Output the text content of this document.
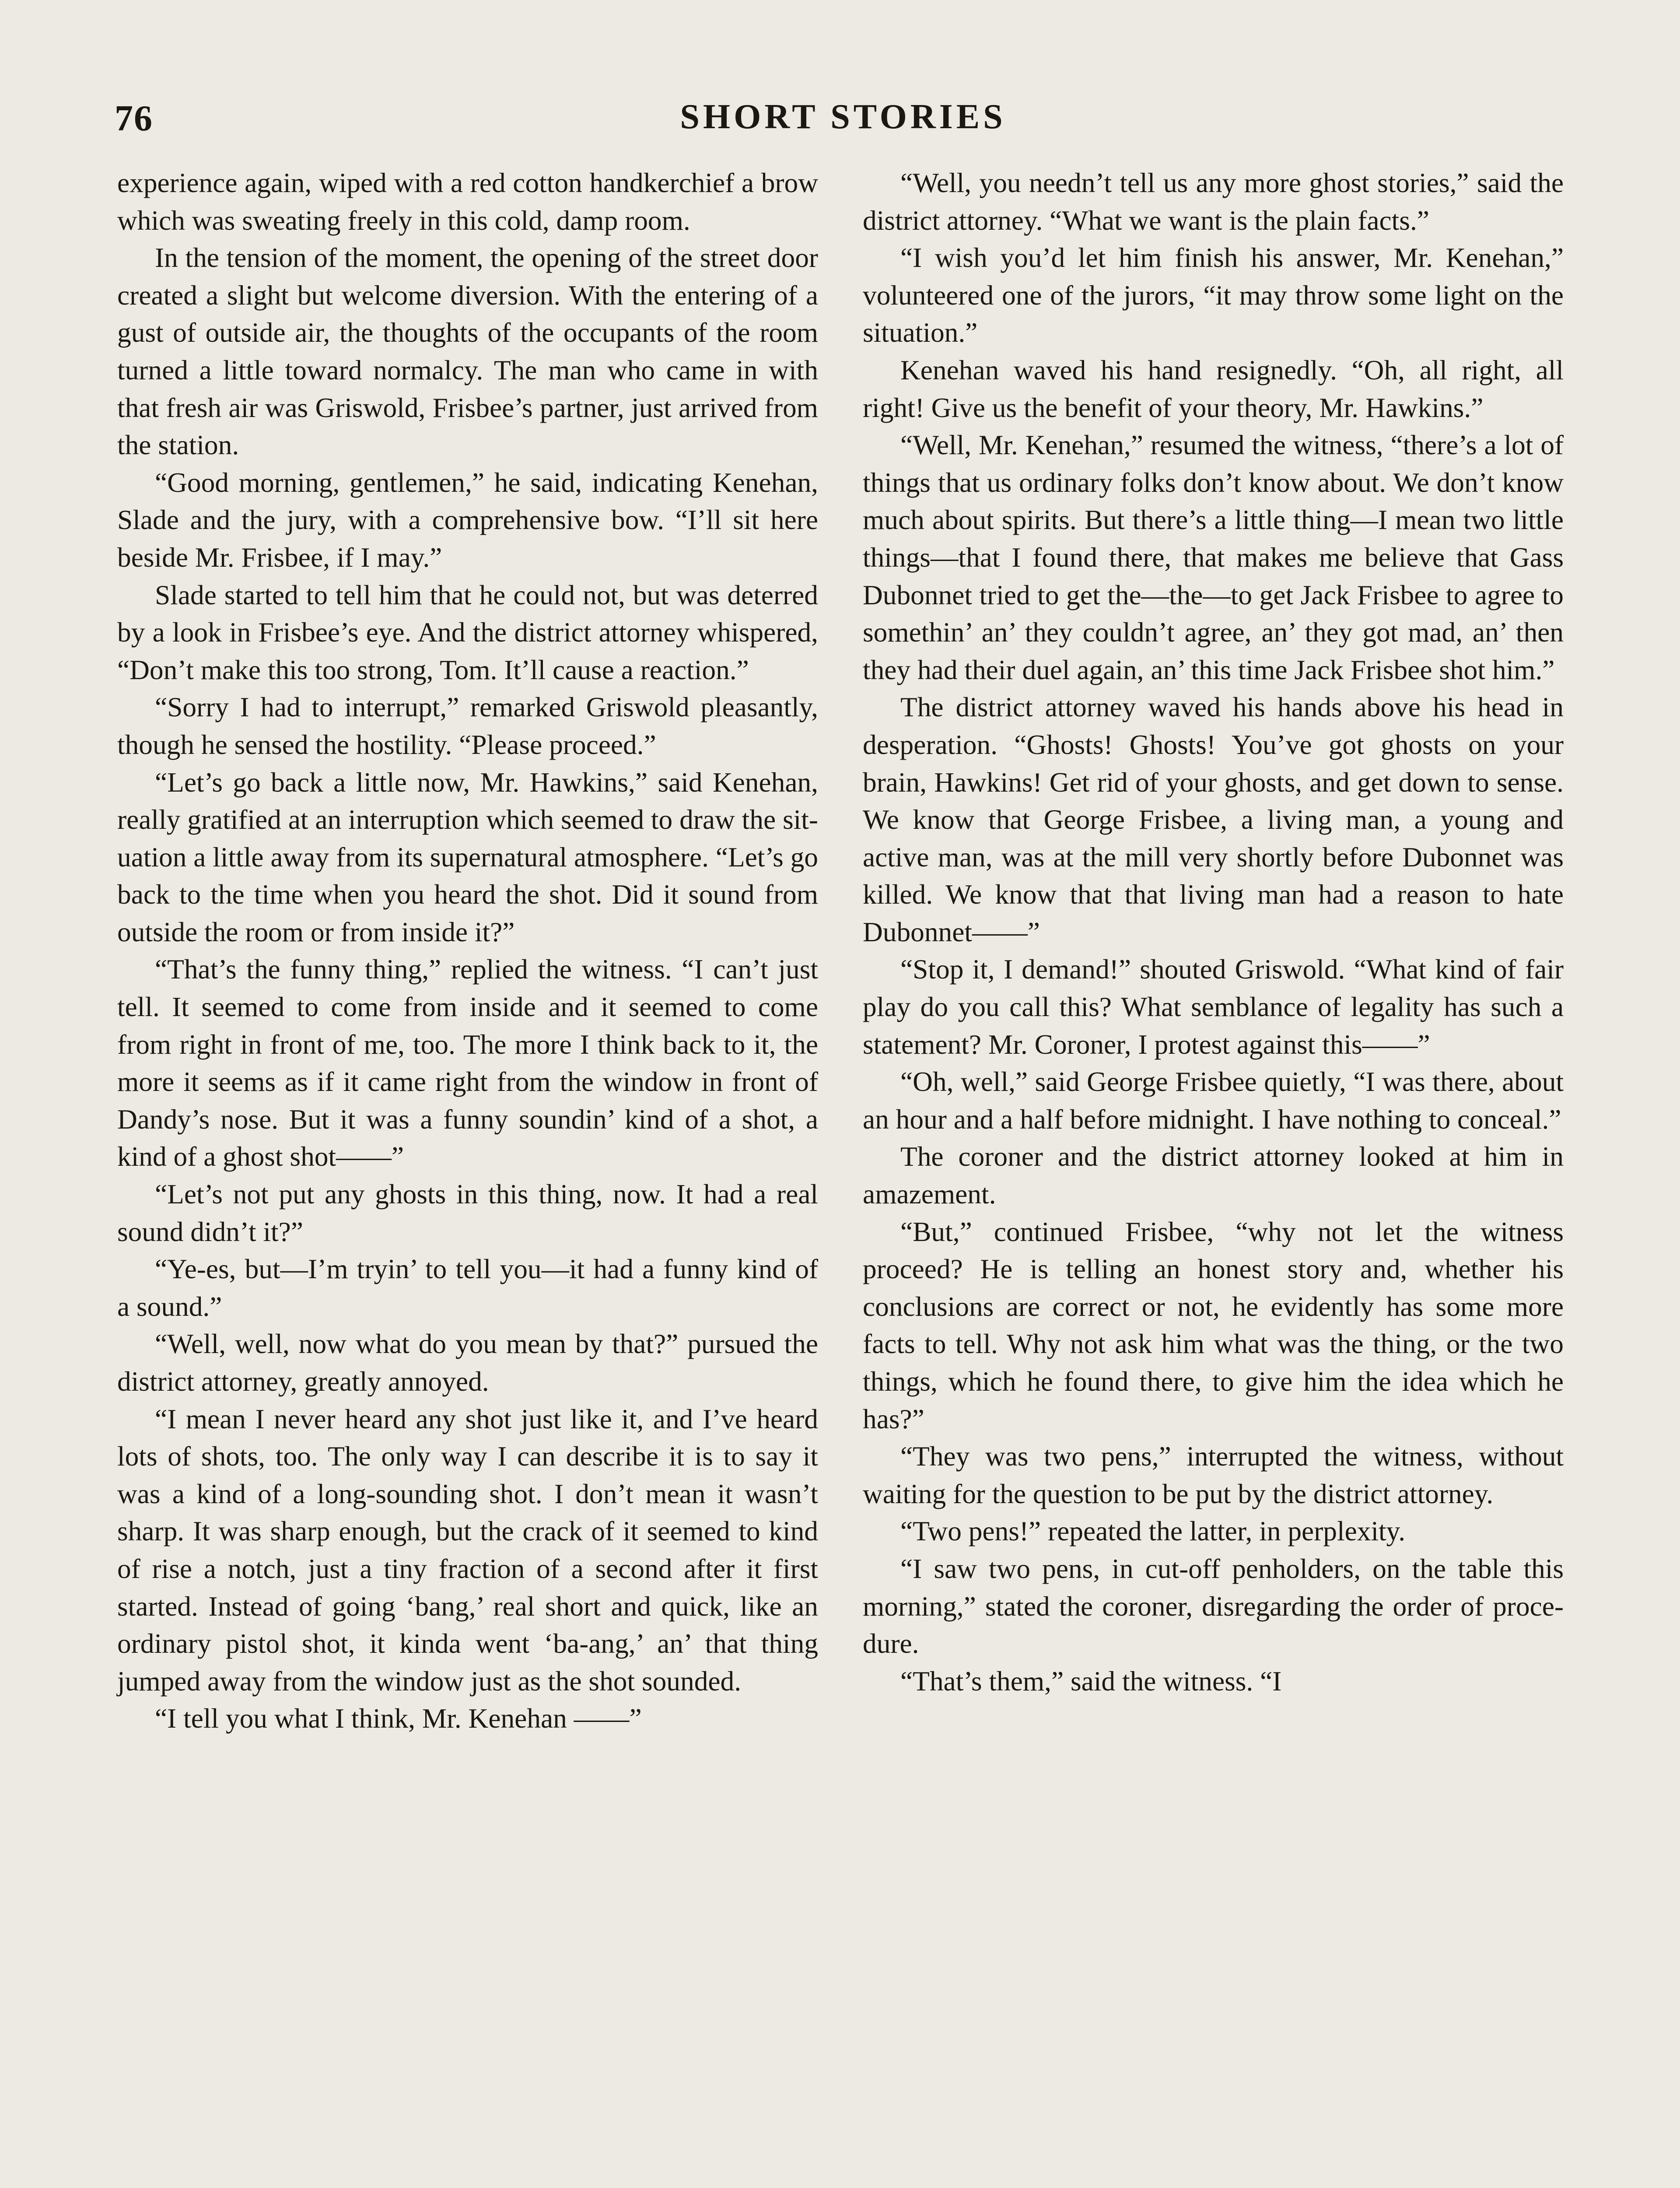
76	SHORT STORIES

experience again, wiped with a red cotton handkerchief a brow which was sweating freely in this cold, damp room.

In the tension of the moment, the opening of the street door created a slight but welcome diversion. With the entering of a gust of outside air, the thoughts of the occupants of the room turned a little toward normalcy. The man who came in with that fresh air was Griswold, Frisbee’s partner, just arrived from the station.

“Good morning, gentlemen,” he said, indicating Kenehan, Slade and the jury, with a comprehensive bow. “I’ll sit here beside Mr. Frisbee, if I may.”

Slade started to tell him that he could not, but was deterred by a look in Frisbee’s eye. And the district attorney whispered, “Don’t make this too strong, Tom. It’ll cause a reaction.”

“Sorry I had to interrupt,” remarked Griswold pleasantly, though he sensed the hostility. “Please proceed.”

“Let’s go back a little now, Mr. Hawkins,” said Kenehan, really gratified at an interruption which seemed to draw the situation a little away from its supernatural atmosphere. “Let’s go back to the time when you heard the shot. Did it sound from outside the room or from inside it?”

“That’s the funny thing,” replied the witness. “I can’t just tell. It seemed to come from inside and it seemed to come from right in front of me, too. The more I think back to it, the more it seems as if it came right from the window in front of Dandy’s nose. But it was a funny soundin’ kind of a shot, a kind of a ghost shot——”

“Let’s not put any ghosts in this thing, now. It had a real sound didn’t it?”

“Ye-es, but—I’m tryin’ to tell you—it had a funny kind of a sound.”

“Well, well, now what do you mean by that?” pursued the district attorney, greatly annoyed.

“I mean I never heard any shot just like it, and I’ve heard lots of shots, too. The only way I can describe it is to say it was a kind of a long-sounding shot. I don’t mean it wasn’t sharp. It was sharp enough, but the crack of it seemed to kind of rise a notch, just a tiny fraction of a second after it first started. Instead of going ‘bang,’ real short and quick, like an ordinary pistol shot, it kinda went ‘ba-ang,’ an’ that thing jumped away from the window just as the shot sounded.

“I tell you what I think, Mr. Kenehan ——”

“Well, you needn’t tell us any more ghost stories,” said the district attorney. “What we want is the plain facts.”

“I wish you’d let him finish his answer, Mr. Kenehan,” volunteered one of the jurors, “it may throw some light on the situation.”

Kenehan waved his hand resignedly. “Oh, all right, all right! Give us the benefit of your theory, Mr. Hawkins.”

“Well, Mr. Kenehan,” resumed the witness, “there’s a lot of things that us ordinary folks don’t know about. We don’t know much about spirits. But there’s a little thing—I mean two little things—that I found there, that makes me believe that Gass Dubonnet tried to get the—the—to get Jack Frisbee to agree to somethin’ an’ they couldn’t agree, an’ they got mad, an’ then they had their duel again, an’ this time Jack Frisbee shot him.”

The district attorney waved his hands above his head in desperation. “Ghosts! Ghosts! You’ve got ghosts on your brain, Hawkins! Get rid of your ghosts, and get down to sense. We know that George Frisbee, a living man, a young and active man, was at the mill very shortly before Dubonnet was killed. We know that that living man had a reason to hate Dubonnet——”

“Stop it, I demand!” shouted Griswold. “What kind of fair play do you call this? What semblance of legality has such a statement? Mr. Coroner, I protest against this——”

“Oh, well,” said George Frisbee quietly, “I was there, about an hour and a half before midnight. I have nothing to conceal.”

The coroner and the district attorney looked at him in amazement.

“But,” continued Frisbee, “why not let the witness proceed? He is telling an honest story and, whether his conclusions are correct or not, he evidently has some more facts to tell. Why not ask him what was the thing, or the two things, which he found there, to give him the idea which he has?”

“They was two pens,” interrupted the witness, without waiting for the question to be put by the district attorney.

“Two pens!” repeated the latter, in perplexity.

“I saw two pens, in cut-off penholders, on the table this morning,” stated the coroner, disregarding the order of procedure.

“That’s them,” said the witness. “I
